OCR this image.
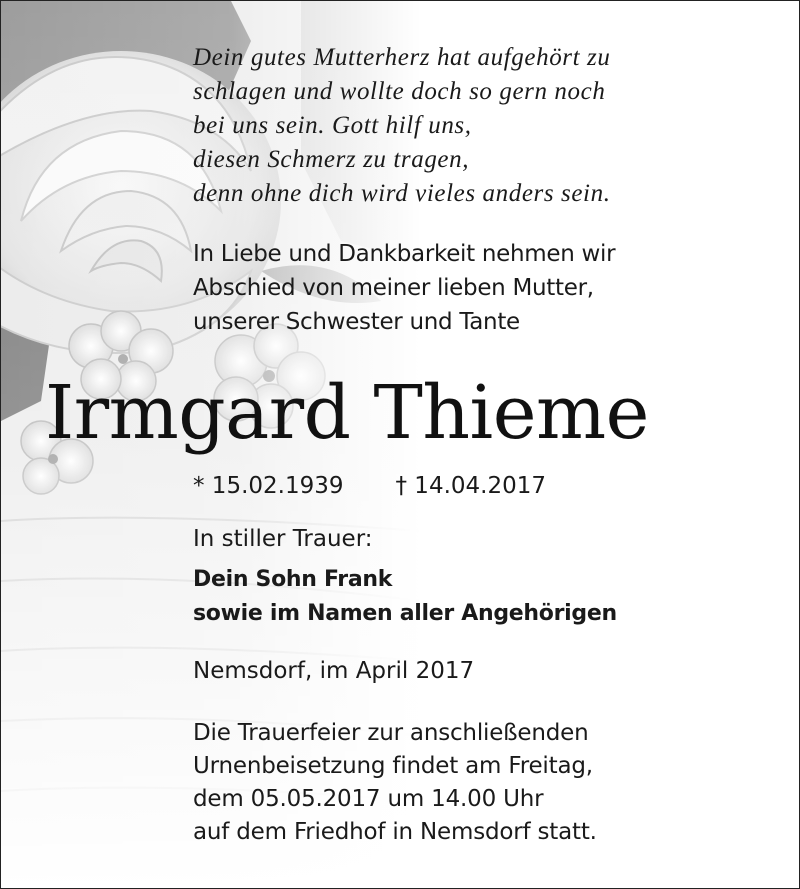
Dein gutes Mutterherz hat aufgehört zu
schlagen und wollte doch so gern noch
bei uns sein. Gott hilf uns,
diesen Schmerz zu tragen,
denn ohne dich wird vieles anders sein.
In Liebe und Dankbarkeit nehmen wir
Abschied von meiner lieben Mutter,
unserer Schwester und Tante
Irmgard Thieme
* 15.02.1939 † 14.04.2017
In stiller Trauer:
Dein Sohn Frank
sowie im Namen aller Angehörigen
Nemsdorf, im April 2017
Die Trauerfeier zur anschließenden
Urnenbeisetzung findet am Freitag,
dem 05.05.2017 um 14.00 Uhr
auf dem Friedhof in Nemsdorf statt.
